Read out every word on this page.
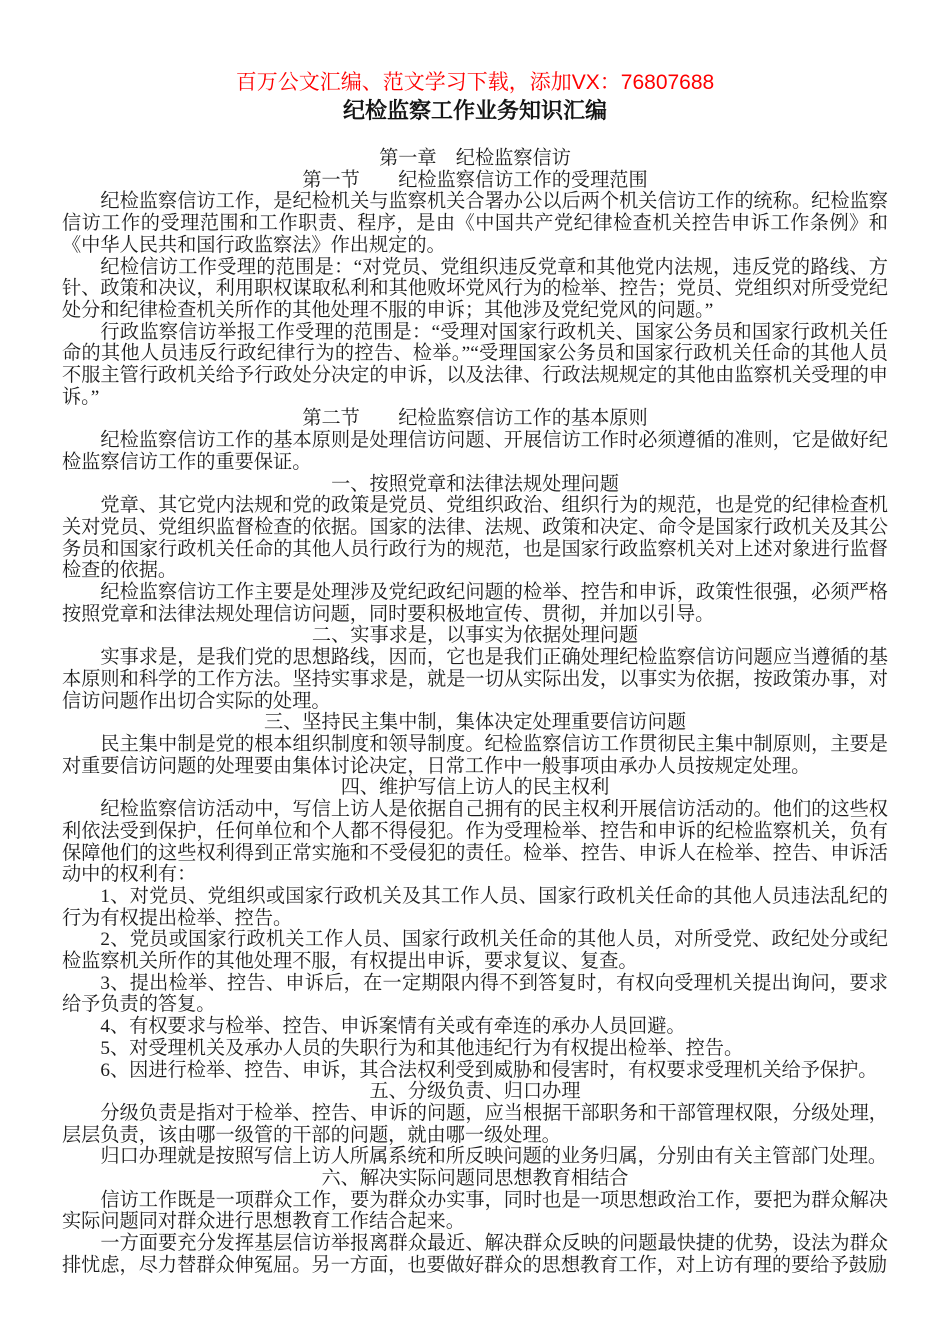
百万公文汇编、范文学习下载，添加VX：76807688

纪检监察工作业务知识汇编

第一章　纪检监察信访

第一节　　纪检监察信访工作的受理范围

纪检监察信访工作，是纪检机关与监察机关合署办公以后两个机关信访工作的统称。纪检监察信访工作的受理范围和工作职责、程序，是由《中国共产党纪律检查机关控告申诉工作条例》和《中华人民共和国行政监察法》作出规定的。

纪检信访工作受理的范围是：“对党员、党组织违反党章和其他党内法规，违反党的路线、方针、政策和决议，利用职权谋取私利和其他败坏党风行为的检举、控告；党员、党组织对所受党纪处分和纪律检查机关所作的其他处理不服的申诉；其他涉及党纪党风的问题。”

行政监察信访举报工作受理的范围是：“受理对国家行政机关、国家公务员和国家行政机关任命的其他人员违反行政纪律行为的控告、检举。”“受理国家公务员和国家行政机关任命的其他人员不服主管行政机关给予行政处分决定的申诉，以及法律、行政法规规定的其他由监察机关受理的申诉。”

第二节　　纪检监察信访工作的基本原则

纪检监察信访工作的基本原则是处理信访问题、开展信访工作时必须遵循的准则，它是做好纪检监察信访工作的重要保证。

一、按照党章和法律法规处理问题

党章、其它党内法规和党的政策是党员、党组织政治、组织行为的规范，也是党的纪律检查机关对党员、党组织监督检查的依据。国家的法律、法规、政策和决定、命令是国家行政机关及其公务员和国家行政机关任命的其他人员行政行为的规范，也是国家行政监察机关对上述对象进行监督检查的依据。

纪检监察信访工作主要是处理涉及党纪政纪问题的检举、控告和申诉，政策性很强，必须严格按照党章和法律法规处理信访问题，同时要积极地宣传、贯彻，并加以引导。

二、实事求是，以事实为依据处理问题

实事求是，是我们党的思想路线，因而，它也是我们正确处理纪检监察信访问题应当遵循的基本原则和科学的工作方法。坚持实事求是，就是一切从实际出发，以事实为依据，按政策办事，对信访问题作出切合实际的处理。

三、坚持民主集中制，集体决定处理重要信访问题

民主集中制是党的根本组织制度和领导制度。纪检监察信访工作贯彻民主集中制原则，主要是对重要信访问题的处理要由集体讨论决定，日常工作中一般事项由承办人员按规定处理。

四、维护写信上访人的民主权利

纪检监察信访活动中，写信上访人是依据自己拥有的民主权利开展信访活动的。他们的这些权利依法受到保护，任何单位和个人都不得侵犯。作为受理检举、控告和申诉的纪检监察机关，负有保障他们的这些权利得到正常实施和不受侵犯的责任。检举、控告、申诉人在检举、控告、申诉活动中的权利有：

1、对党员、党组织或国家行政机关及其工作人员、国家行政机关任命的其他人员违法乱纪的行为有权提出检举、控告。

2、党员或国家行政机关工作人员、国家行政机关任命的其他人员，对所受党、政纪处分或纪检监察机关所作的其他处理不服，有权提出申诉，要求复议、复查。

3、提出检举、控告、申诉后，在一定期限内得不到答复时，有权向受理机关提出询问，要求给予负责的答复。

4、有权要求与检举、控告、申诉案情有关或有牵连的承办人员回避。

5、对受理机关及承办人员的失职行为和其他违纪行为有权提出检举、控告。

6、因进行检举、控告、申诉，其合法权利受到威胁和侵害时，有权要求受理机关给予保护。

五、分级负责、归口办理

分级负责是指对于检举、控告、申诉的问题，应当根据干部职务和干部管理权限，分级处理，层层负责，该由哪一级管的干部的问题，就由哪一级处理。

归口办理就是按照写信上访人所属系统和所反映问题的业务归属，分别由有关主管部门处理。

六、解决实际问题同思想教育相结合

信访工作既是一项群众工作，要为群众办实事，同时也是一项思想政治工作，要把为群众解决实际问题同对群众进行思想教育工作结合起来。

一方面要充分发挥基层信访举报离群众最近、解决群众反映的问题最快捷的优势，设法为群众排忧虑，尽力替群众伸冤屈。另一方面，也要做好群众的思想教育工作，对上访有理的要给予鼓励
